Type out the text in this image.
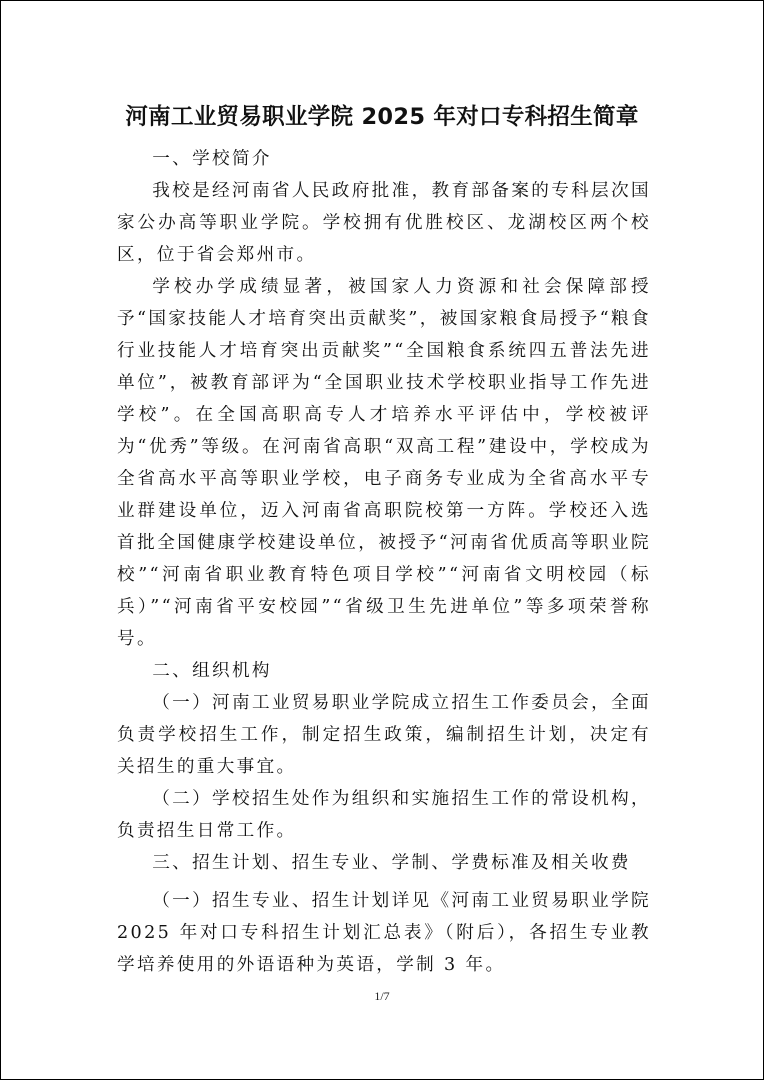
河南工业贸易职业学院 2025 年对口专科招生简章

一、学校简介

我校是经河南省人民政府批准，教育部备案的专科层次国家公办高等职业学院。学校拥有优胜校区、龙湖校区两个校区，位于省会郑州市。

学校办学成绩显著，被国家人力资源和社会保障部授予“国家技能人才培育突出贡献奖”，被国家粮食局授予“粮食行业技能人才培育突出贡献奖”“全国粮食系统四五普法先进单位”，被教育部评为“全国职业技术学校职业指导工作先进学校”。在全国高职高专人才培养水平评估中，学校被评为“优秀”等级。在河南省高职“双高工程”建设中，学校成为全省高水平高等职业学校，电子商务专业成为全省高水平专业群建设单位，迈入河南省高职院校第一方阵。学校还入选首批全国健康学校建设单位，被授予“河南省优质高等职业院校”“河南省职业教育特色项目学校”“河南省文明校园（标兵）”“河南省平安校园”“省级卫生先进单位”等多项荣誉称号。

二、组织机构

（一）河南工业贸易职业学院成立招生工作委员会，全面负责学校招生工作，制定招生政策，编制招生计划，决定有关招生的重大事宜。

（二）学校招生处作为组织和实施招生工作的常设机构，负责招生日常工作。

三、招生计划、招生专业、学制、学费标准及相关收费

（一）招生专业、招生计划详见《河南工业贸易职业学院 2025 年对口专科招生计划汇总表》（附后），各招生专业教学培养使用的外语语种为英语，学制 3 年。

1/7
